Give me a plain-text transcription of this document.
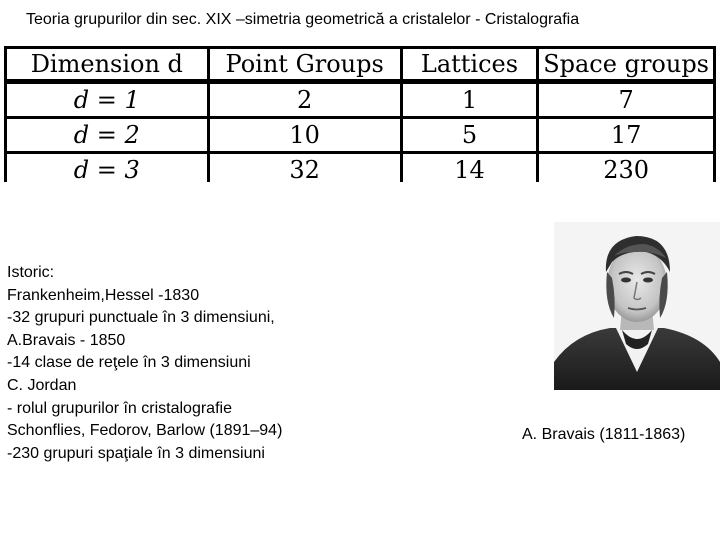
Teoria grupurilor din sec. XIX –simetria geometrică a cristalelor - Cristalografia
Dimension d	Point Groups	Lattices	Space groups
d = 1	2	1	7
d = 2	10	5	17
d = 3	32	14	230
Istoric:
Frankenheim,Hessel -1830
-32 grupuri punctuale în 3 dimensiuni,
A.Bravais - 1850
-14 clase de reţele în 3 dimensiuni
C. Jordan
- rolul grupurilor în cristalografie
Schonflies, Fedorov, Barlow (1891–94)
-230 grupuri spaţiale în 3 dimensiuni
A. Bravais (1811-1863)
